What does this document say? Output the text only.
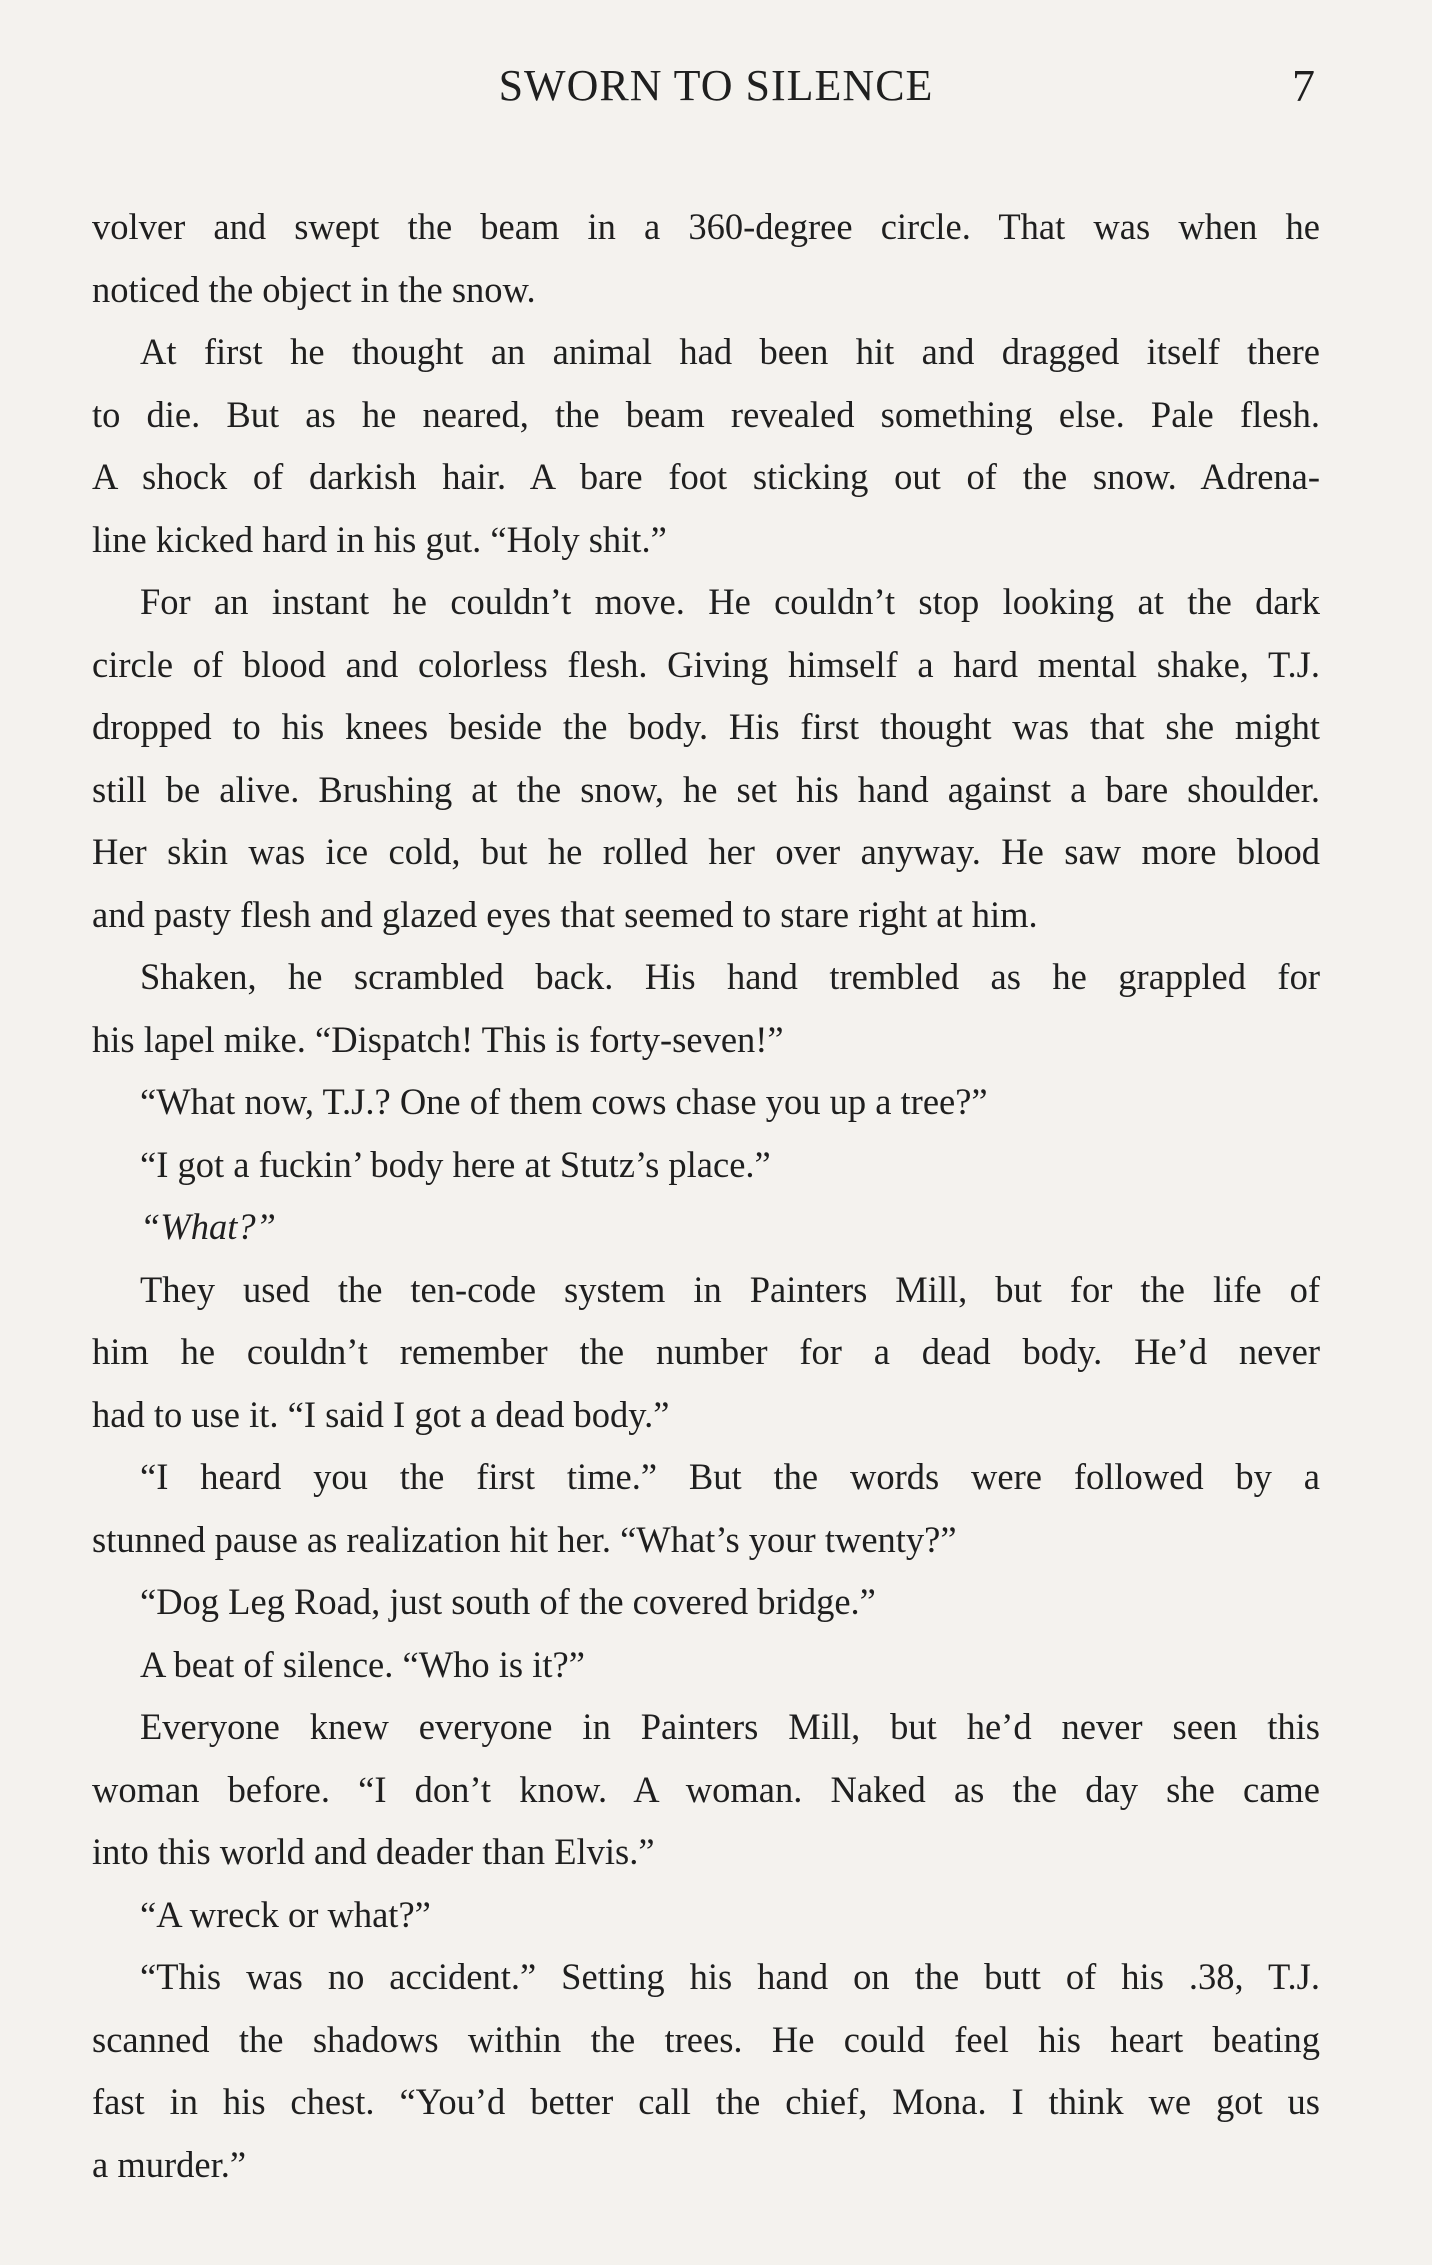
SWORN TO SILENCE	7
volver and swept the beam in a 360-degree circle. That was when he
noticed the object in the snow.
At first he thought an animal had been hit and dragged itself there
to die. But as he neared, the beam revealed something else. Pale flesh.
A shock of darkish hair. A bare foot sticking out of the snow. Adrena-
line kicked hard in his gut. “Holy shit.”
For an instant he couldn’t move. He couldn’t stop looking at the dark
circle of blood and colorless flesh. Giving himself a hard mental shake, T.J.
dropped to his knees beside the body. His first thought was that she might
still be alive. Brushing at the snow, he set his hand against a bare shoulder.
Her skin was ice cold, but he rolled her over anyway. He saw more blood
and pasty flesh and glazed eyes that seemed to stare right at him.
Shaken, he scrambled back. His hand trembled as he grappled for
his lapel mike. “Dispatch! This is forty-seven!”
“What now, T.J.? One of them cows chase you up a tree?”
“I got a fuckin’ body here at Stutz’s place.”
“What?”
They used the ten-code system in Painters Mill, but for the life of
him he couldn’t remember the number for a dead body. He’d never
had to use it. “I said I got a dead body.”
“I heard you the first time.” But the words were followed by a
stunned pause as realization hit her. “What’s your twenty?”
“Dog Leg Road, just south of the covered bridge.”
A beat of silence. “Who is it?”
Everyone knew everyone in Painters Mill, but he’d never seen this
woman before. “I don’t know. A woman. Naked as the day she came
into this world and deader than Elvis.”
“A wreck or what?”
“This was no accident.” Setting his hand on the butt of his .38, T.J.
scanned the shadows within the trees. He could feel his heart beating
fast in his chest. “You’d better call the chief, Mona. I think we got us
a murder.”
